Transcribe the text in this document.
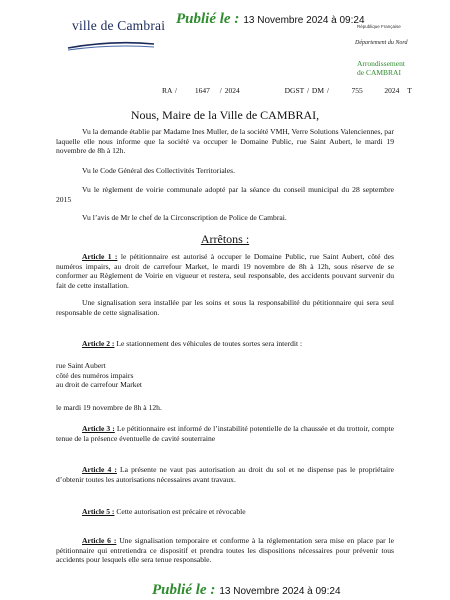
ville de Cambrai Publié le : 13 Novembre 2024 à 09:24
République Française
Département du Nord
Arrondissement
de CAMBRAI
RA / 1647 / 2024	DGST / DM /	755	2024 T
Nous, Maire de la Ville de CAMBRAI,
Vu la demande établie par Madame Ines Muller, de la société VMH, Verre Solutions Valenciennes, par laquelle elle nous informe que la société va occuper le Domaine Public, rue Saint Aubert, le mardi 19 novembre de 8h à 12h.
Vu le Code Général des Collectivités Territoriales.
Vu le règlement de voirie communale adopté par la séance du conseil municipal du 28 septembre 2015
Vu l’avis de Mr le chef de la Circonscription de Police de Cambrai.
Arrêtons :
Article 1 : le pétitionnaire est autorisé à occuper le Domaine Public, rue Saint Aubert, côté des numéros impairs, au droit de carrefour Market, le mardi 19 novembre de 8h à 12h, sous réserve de se conformer au Règlement de Voirie en vigueur et restera, seul responsable, des accidents pouvant survenir du fait de cette installation.
Une signalisation sera installée par les soins et sous la responsabilité du pétitionnaire qui sera seul responsable de cette signalisation.
Article 2 : Le stationnement des véhicules de toutes sortes sera interdit :
rue Saint Aubert
côté des numéros impairs
au droit de carrefour Market
le mardi 19 novembre de 8h à 12h.
Article 3 : Le pétitionnaire est informé de l’instabilité potentielle de la chaussée et du trottoir, compte tenue de la présence éventuelle de cavité souterraine
Article 4 : La présente ne vaut pas autorisation au droit du sol et ne dispense pas le propriétaire d’obtenir toutes les autorisations nécessaires avant travaux.
Article 5 : Cette autorisation est précaire et révocable
Article 6 : Une signalisation temporaire et conforme à la réglementation sera mise en place par le pétitionnaire qui entretiendra ce dispositif et prendra toutes les dispositions nécessaires pour prévenir tous accidents pour lesquels elle sera tenue responsable.
Publié le : 13 Novembre 2024 à 09:24
